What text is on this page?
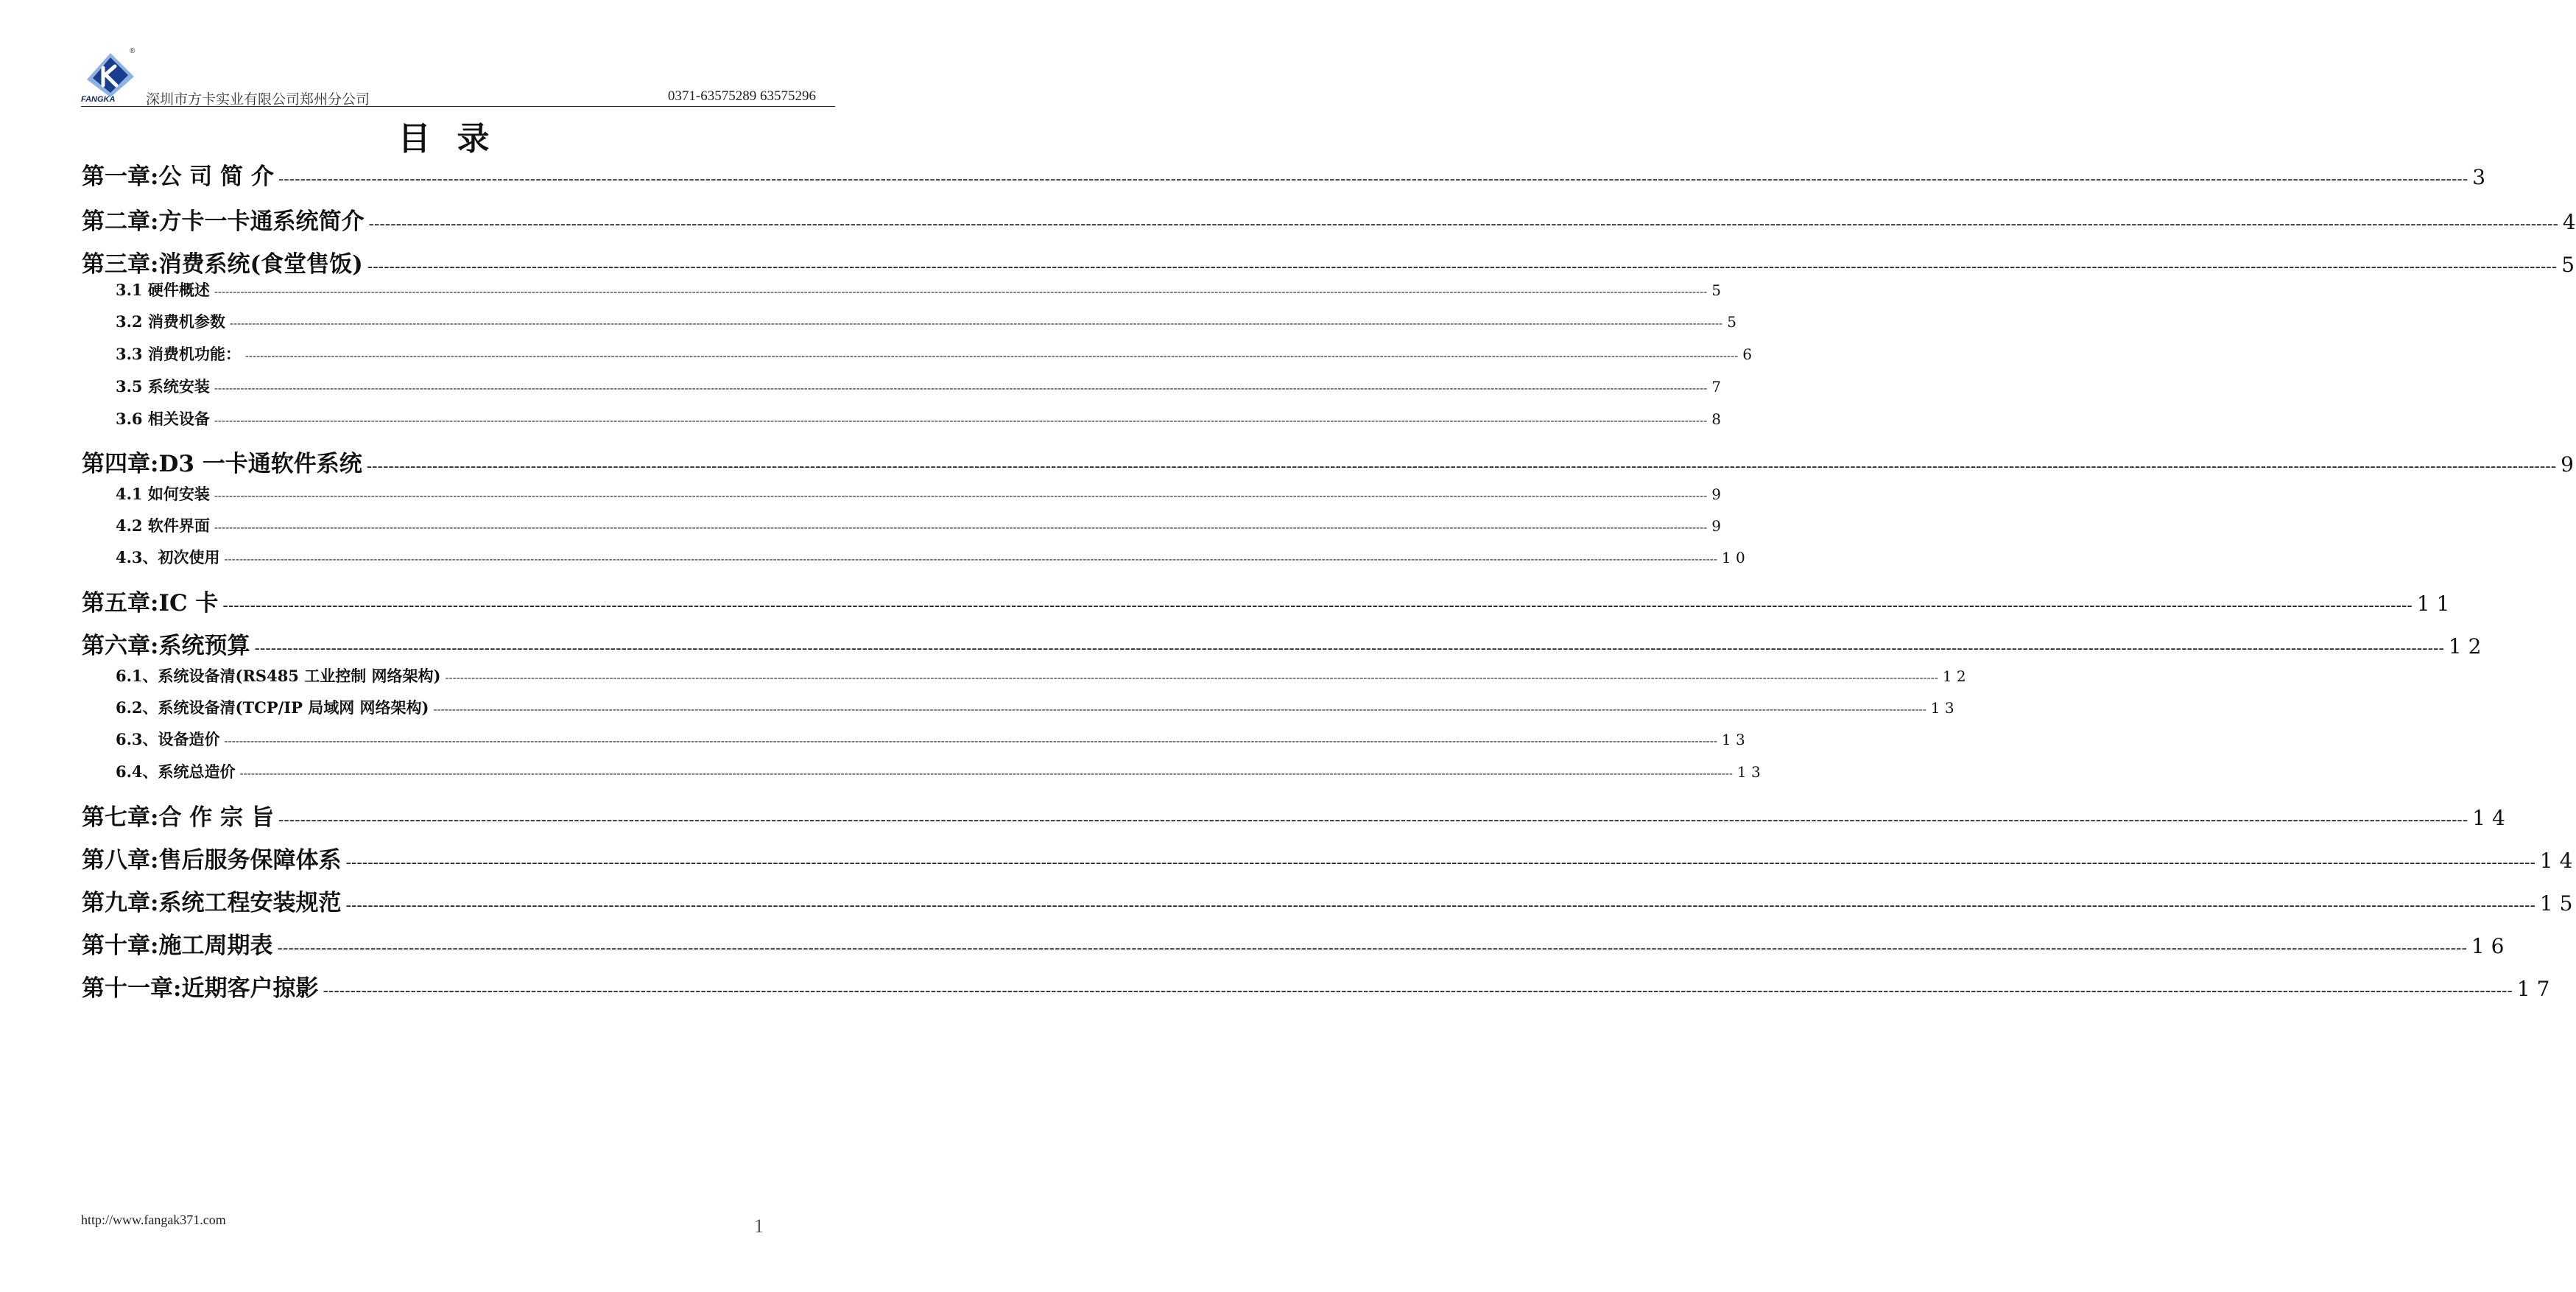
FANGKA
®
深圳市方卡实业有限公司郑州分公司	0371-63575289 63575296
目录
第一章:公 司 简 介 ---------------------------------------------------------------------------------------------------------------------------------------------------------------------------------------------------------------------------------------------------------------------------------------------------------------------------------------------------------------------------------------------------------------- 3
第二章:方卡一卡通系统简介 ---------------------------------------------------------------------------------------------------------------------------------------------------------------------------------------------------------------------------------------------------------------------------------------------------------------------------------------------------------------------------------------------------------------- 4
第三章:消费系统(食堂售饭) ---------------------------------------------------------------------------------------------------------------------------------------------------------------------------------------------------------------------------------------------------------------------------------------------------------------------------------------------------------------------------------------------------------------- 5
3.1 硬件概述 ---------------------------------------------------------------------------------------------------------------------------------------------------------------------------------------------------------------------------------------------------------------------------------------------------------------------------------------------------------------------------------------------------------------- 5
3.2 消费机参数 ---------------------------------------------------------------------------------------------------------------------------------------------------------------------------------------------------------------------------------------------------------------------------------------------------------------------------------------------------------------------------------------------------------------- 5
3.3 消费机功能： ---------------------------------------------------------------------------------------------------------------------------------------------------------------------------------------------------------------------------------------------------------------------------------------------------------------------------------------------------------------------------------------------------------------- 6
3.5 系统安装 ---------------------------------------------------------------------------------------------------------------------------------------------------------------------------------------------------------------------------------------------------------------------------------------------------------------------------------------------------------------------------------------------------------------- 7
3.6 相关设备 ---------------------------------------------------------------------------------------------------------------------------------------------------------------------------------------------------------------------------------------------------------------------------------------------------------------------------------------------------------------------------------------------------------------- 8
第四章:D3 一卡通软件系统 ---------------------------------------------------------------------------------------------------------------------------------------------------------------------------------------------------------------------------------------------------------------------------------------------------------------------------------------------------------------------------------------------------------------- 9
4.1 如何安装 ---------------------------------------------------------------------------------------------------------------------------------------------------------------------------------------------------------------------------------------------------------------------------------------------------------------------------------------------------------------------------------------------------------------- 9
4.2 软件界面 ---------------------------------------------------------------------------------------------------------------------------------------------------------------------------------------------------------------------------------------------------------------------------------------------------------------------------------------------------------------------------------------------------------------- 9
4.3、初次使用 ---------------------------------------------------------------------------------------------------------------------------------------------------------------------------------------------------------------------------------------------------------------------------------------------------------------------------------------------------------------------------------------------------------------- 1 0
第五章:IC 卡 ---------------------------------------------------------------------------------------------------------------------------------------------------------------------------------------------------------------------------------------------------------------------------------------------------------------------------------------------------------------------------------------------------------------- 1 1
第六章:系统预算 ---------------------------------------------------------------------------------------------------------------------------------------------------------------------------------------------------------------------------------------------------------------------------------------------------------------------------------------------------------------------------------------------------------------- 1 2
6.1、系统设备清(RS485 工业控制 网络架构) ---------------------------------------------------------------------------------------------------------------------------------------------------------------------------------------------------------------------------------------------------------------------------------------------------------------------------------------------------------------------------------------------------------------- 1 2
6.2、系统设备清(TCP/IP 局域网 网络架构) ---------------------------------------------------------------------------------------------------------------------------------------------------------------------------------------------------------------------------------------------------------------------------------------------------------------------------------------------------------------------------------------------------------------- 1 3
6.3、设备造价 ---------------------------------------------------------------------------------------------------------------------------------------------------------------------------------------------------------------------------------------------------------------------------------------------------------------------------------------------------------------------------------------------------------------- 1 3
6.4、系统总造价 ---------------------------------------------------------------------------------------------------------------------------------------------------------------------------------------------------------------------------------------------------------------------------------------------------------------------------------------------------------------------------------------------------------------- 1 3
第七章:合 作 宗 旨 ---------------------------------------------------------------------------------------------------------------------------------------------------------------------------------------------------------------------------------------------------------------------------------------------------------------------------------------------------------------------------------------------------------------- 1 4
第八章:售后服务保障体系 ---------------------------------------------------------------------------------------------------------------------------------------------------------------------------------------------------------------------------------------------------------------------------------------------------------------------------------------------------------------------------------------------------------------- 1 4
第九章:系统工程安装规范 ---------------------------------------------------------------------------------------------------------------------------------------------------------------------------------------------------------------------------------------------------------------------------------------------------------------------------------------------------------------------------------------------------------------- 1 5
第十章:施工周期表 ---------------------------------------------------------------------------------------------------------------------------------------------------------------------------------------------------------------------------------------------------------------------------------------------------------------------------------------------------------------------------------------------------------------- 1 6
第十一章:近期客户掠影 ---------------------------------------------------------------------------------------------------------------------------------------------------------------------------------------------------------------------------------------------------------------------------------------------------------------------------------------------------------------------------------------------------------------- 1 7
http://www.fangak371.com	1
